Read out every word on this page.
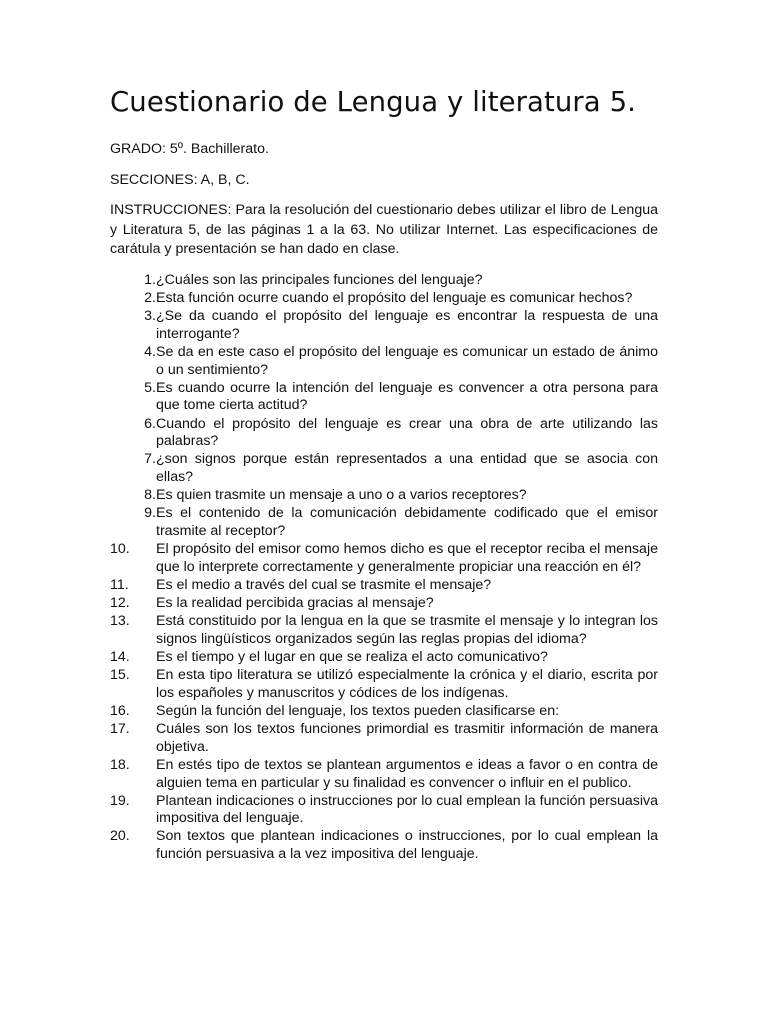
Cuestionario de Lengua y literatura 5.

GRADO: 5º. Bachillerato.

SECCIONES: A, B, C.

INSTRUCCIONES: Para la resolución del cuestionario debes utilizar el libro de Lengua y Literatura 5, de las páginas 1 a la 63. No utilizar Internet. Las especificaciones de carátula y presentación se han dado en clase.

1. ¿Cuáles son las principales funciones del lenguaje?
2. Esta función ocurre cuando el propósito del lenguaje es comunicar hechos?
3. ¿Se da cuando el propósito del lenguaje es encontrar la respuesta de una interrogante?
4. Se da en este caso el propósito del lenguaje es comunicar un estado de ánimo o un sentimiento?
5. Es cuando ocurre la intención del lenguaje es convencer a otra persona para que tome cierta actitud?
6. Cuando el propósito del lenguaje es crear una obra de arte utilizando las palabras?
7. ¿son signos porque están representados a una entidad que se asocia con ellas?
8. Es quien trasmite un mensaje a uno o a varios receptores?
9. Es el contenido de la comunicación debidamente codificado que el emisor trasmite al receptor?
10.	El propósito del emisor como hemos dicho es que el receptor reciba el mensaje que lo interprete correctamente y generalmente propiciar una reacción en él?
11.	Es el medio a través del cual se trasmite el mensaje?
12.	Es la realidad percibida gracias al mensaje?
13.	Está constituido por la lengua en la que se trasmite el mensaje y lo integran los signos lingüísticos organizados según las reglas propias del idioma?
14.	Es el tiempo y el lugar en que se realiza el acto comunicativo?
15.	En esta tipo literatura se utilizó especialmente la crónica y el diario, escrita por los españoles y manuscritos y códices de los indígenas.
16.	Según la función del lenguaje, los textos pueden clasificarse en:
17.	Cuáles son los textos funciones primordial es trasmitir información de manera objetiva.
18.	En estés tipo de textos se plantean argumentos e ideas a favor o en contra de alguien tema en particular y su finalidad es convencer o influir en el publico.
19.	Plantean indicaciones o instrucciones por lo cual emplean la función persuasiva impositiva del lenguaje.
20.	Son textos que plantean indicaciones o instrucciones, por lo cual emplean la función persuasiva a la vez impositiva del lenguaje.
